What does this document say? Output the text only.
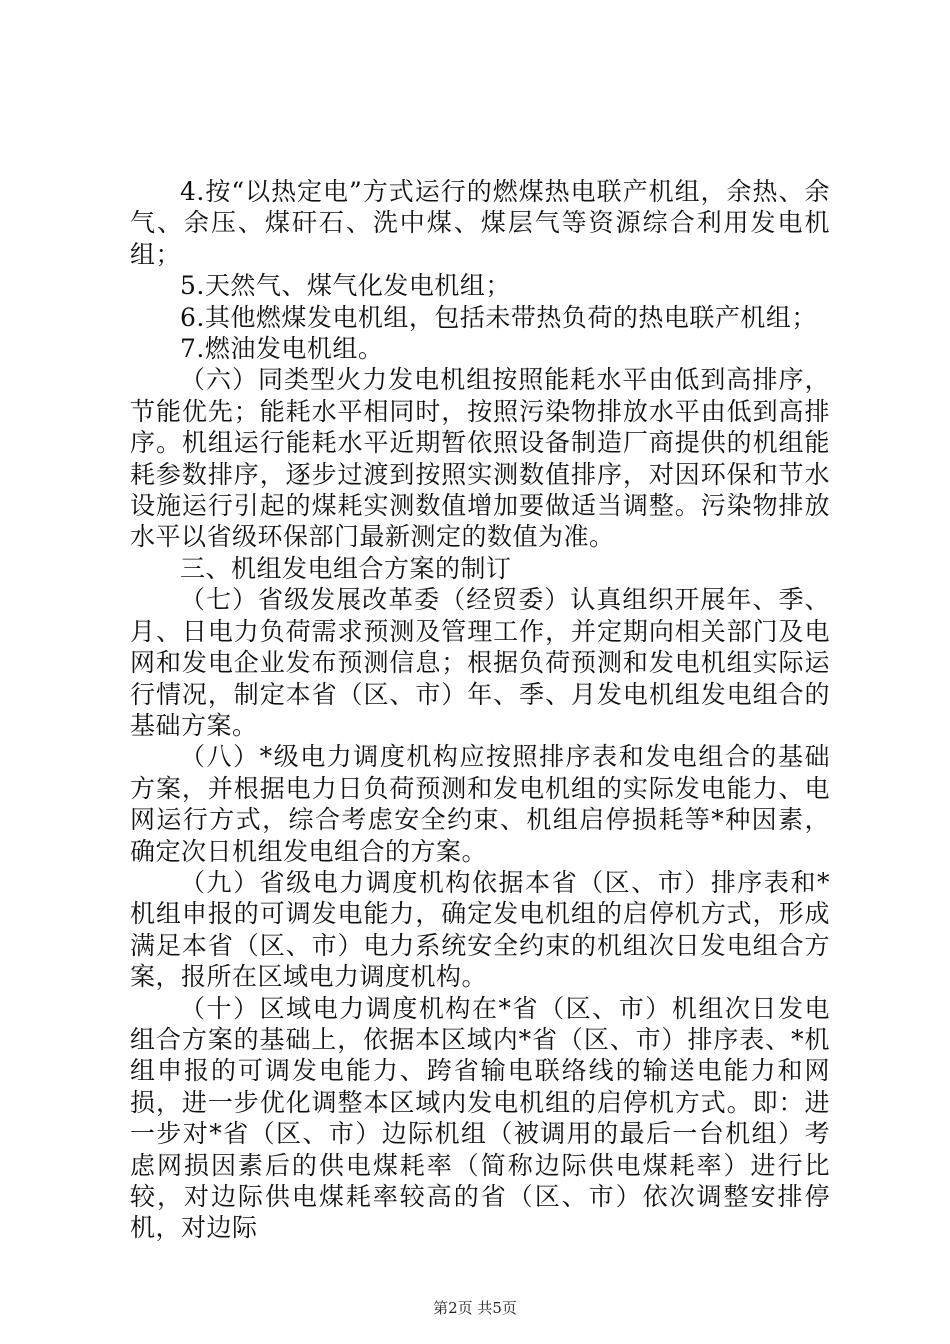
4.按“以热定电”方式运行的燃煤热电联产机组，余热、余气、余压、煤矸石、洗中煤、煤层气等资源综合利用发电机组；

5.天然气、煤气化发电机组；

6.其他燃煤发电机组，包括未带热负荷的热电联产机组；

7.燃油发电机组。

（六）同类型火力发电机组按照能耗水平由低到高排序，节能优先；能耗水平相同时，按照污染物排放水平由低到高排序。机组运行能耗水平近期暂依照设备制造厂商提供的机组能耗参数排序，逐步过渡到按照实测数值排序，对因环保和节水设施运行引起的煤耗实测数值增加要做适当调整。污染物排放水平以省级环保部门最新测定的数值为准。

三、机组发电组合方案的制订

（七）省级发展改革委（经贸委）认真组织开展年、季、月、日电力负荷需求预测及管理工作，并定期向相关部门及电网和发电企业发布预测信息；根据负荷预测和发电机组实际运行情况，制定本省（区、市）年、季、月发电机组发电组合的基础方案。

（八）*级电力调度机构应按照排序表和发电组合的基础方案，并根据电力日负荷预测和发电机组的实际发电能力、电网运行方式，综合考虑安全约束、机组启停损耗等*种因素，确定次日机组发电组合的方案。

（九）省级电力调度机构依据本省（区、市）排序表和*机组申报的可调发电能力，确定发电机组的启停机方式，形成满足本省（区、市）电力系统安全约束的机组次日发电组合方案，报所在区域电力调度机构。

（十）区域电力调度机构在*省（区、市）机组次日发电组合方案的基础上，依据本区域内*省（区、市）排序表、*机组申报的可调发电能力、跨省输电联络线的输送电能力和网损，进一步优化调整本区域内发电机组的启停机方式。即：进一步对*省（区、市）边际机组（被调用的最后一台机组）考虑网损因素后的供电煤耗率（简称边际供电煤耗率）进行比较，对边际供电煤耗率较高的省（区、市）依次调整安排停机，对边际

第2页 共5页
